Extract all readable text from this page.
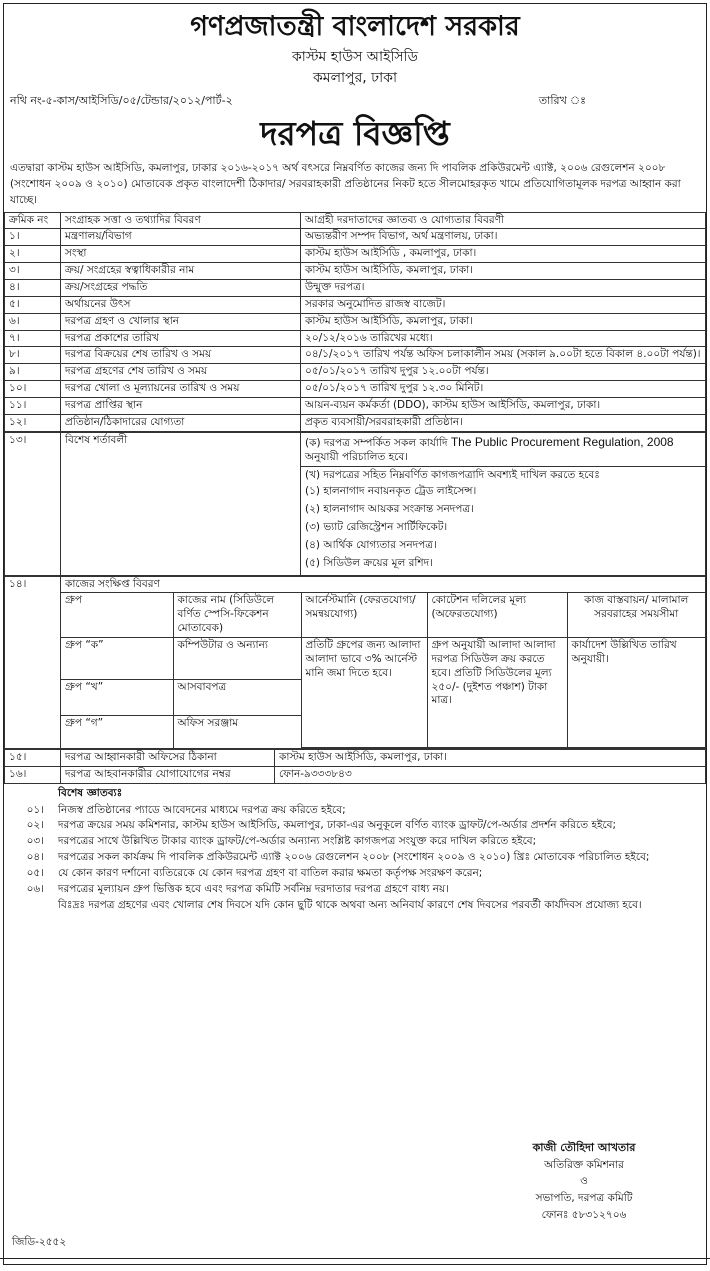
গণপ্রজাতন্ত্রী বাংলাদেশ সরকার
কাস্টম হাউস আইসিডি
কমলাপুর, ঢাকা
নথি নং-৫-কাস/আইসিডি/০৫/টেন্ডার/২০১২/পার্ট-২	তারিখ ঃ
দরপত্র বিজ্ঞপ্তি
এতদ্বারা কাস্টম হাউস আইসিডি, কমলাপুর, ঢাকার ২০১৬-২০১৭ অর্থ বৎসরে নিম্নবর্ণিত কাজের জন্য দি পাবলিক প্রকিউরমেন্ট এ্যাক্ট, ২০০৬ রেগুলেশন ২০০৮ (সংশোধন ২০০৯ ও ২০১০) মোতাবেক প্রকৃত বাংলাদেশী ঠিকাদার/ সরবরাহকারী প্রতিষ্ঠানের নিকট হতে সীলমোহরকৃত খামে প্রতিযোগিতামূলক দরপত্র আহ্বান করা যাচ্ছে।
ক্রমিক নং	সংগ্রাহক সত্তা ও তথ্যাদির বিবরণ	আগ্রহী দরদাতাদের জ্ঞাতব্য ও যোগ্যতার বিবরণী
১।	মন্ত্রণালয়/বিভাগ	অভ্যন্তরীণ সম্পদ বিভাগ, অর্থ মন্ত্রণালয়, ঢাকা।
২।	সংস্থা	কাস্টম হাউস আইসিডি , কমলাপুর, ঢাকা।
৩।	ক্রয়/ সংগ্রহের স্বত্বাধিকারীর নাম	কাস্টম হাউস আইসিডি, কমলাপুর, ঢাকা।
৪।	ক্রয়/সংগ্রহের পদ্ধতি	উন্মুক্ত দরপত্র।
৫।	অর্থায়নের উৎস	সরকার অনুমোদিত রাজস্ব বাজেট।
৬।	দরপত্র গ্রহণ ও খোলার স্থান	কাস্টম হাউস আইসিডি, কমলাপুর, ঢাকা।
৭।	দরপত্র প্রকাশের তারিখ	২০/১২/২০১৬ তারিখের মধ্যে।
৮।	দরপত্র বিক্রয়ের শেষ তারিখ ও সময়	০৪/১/২০১৭ তারিখ পর্যন্ত অফিস চলাকালীন সময় (সকাল ৯.০০টা হতে বিকাল ৪.০০টা পর্যন্ত)।
৯।	দরপত্র গ্রহণের শেষ তারিখ ও সময়	০৫/০১/২০১৭ তারিখ দুপুর ১২.০০টা পর্যন্ত।
১০।	দরপত্র খোলা ও মূল্যায়নের তারিখ ও সময়	০৫/০১/২০১৭ তারিখ দুপুর ১২.৩০ মিনিট।
১১।	দরপত্র প্রাপ্তির স্থান	আয়ন-ব্যয়ন কর্মকর্তা (DDO), কাস্টম হাউস আইসিডি, কমলাপুর, ঢাকা।
১২।	প্রতিষ্ঠান/ঠিকাদারের যোগ্যতা	প্রকৃত ব্যবসায়ী/সরবরাহকারী প্রতিষ্ঠান।
১৩।	বিশেষ শর্তাবলী	(ক) দরপত্র সম্পর্কিত সকল কার্যাদি The Public Procurement Regulation, 2008 অনুযায়ী পরিচালিত হবে।
(খ) দরপত্রের সহিত নিম্নবর্ণিত কাগজপত্রাদি অবশ্যই দাখিল করতে হবেঃ
(১) হালনাগাদ নবায়নকৃত ট্রেড লাইসেন্স।
(২) হালনাগাদ আয়কর সংক্রান্ত সনদপত্র।
(৩) ভ্যাট রেজিস্ট্রেশন সার্টিফিকেট।
(৪) আর্থিক যোগ্যতার সনদপত্র।
(৫) সিডিউল ক্রয়ের মূল রশিদ।
১৪।	কাজের সংক্ষিপ্ত বিবরণ

গ্রুপ	কাজের নাম (সিডিউলে বর্ণিত স্পেসি-ফিকেশন মোতাবেক)	আর্নেস্টমানি (ফেরতযোগ্য/ সমন্বয়যোগ্য)	কোটেশন দলিলের মূল্য (অফেরতযোগ্য)	কাজ বাস্তবায়ন/ মালামাল সরবরাহের সময়সীমা
গ্রুপ “ক”	কম্পিউটার ও অন্যান্য	প্রতিটি গ্রুপের জন্য আলাদা আলাদা ভাবে ৩% আর্নেস্ট মানি জমা দিতে হবে।	গ্রুপ অনুযায়ী আলাদা আলাদা দরপত্র সিডিউল ক্রয় করতে হবে। প্রতিটি সিডিউলের মূল্য ২৫০/- (দুইশত পঞ্চাশ) টাকা মাত্র।	কার্যাদেশ উল্লিখিত তারিখ অনুযায়ী।
গ্রুপ “খ”	আসবাবপত্র
গ্রুপ “গ”	অফিস সরঞ্জাম
১৫।	দরপত্র আহ্বানকারী অফিসের ঠিকানা	কাস্টম হাউস আইসিডি, কমলাপুর, ঢাকা।
১৬।	দরপত্র আহবানকারীর যোগাযোগের নম্বর	ফোন-৯৩৩৩৮৪৩
বিশেষ জ্ঞাতব্যঃ
০১।	নিজস্ব প্রতিষ্ঠানের প্যাডে আবেদনের মাধ্যমে দরপত্র ক্রয় করিতে হইবে;
০২।	দরপত্র ক্রয়ের সময় কমিশনার, কাস্টম হাউস আইসিডি, কমলাপুর, ঢাকা-এর অনুকূলে বর্ণিত ব্যাংক ড্রাফট/পে-অর্ডার প্রদর্শন করিতে হইবে;
০৩।	দরপত্রের সাথে উল্লিখিত টাকার ব্যাংক ড্রাফট/পে-অর্ডার অন্যান্য সংশ্লিষ্ট কাগজপত্র সংযুক্ত করে দাখিল করিতে হইবে;
০৪।	দরপত্রের সকল কার্যক্রম দি পাবলিক প্রকিউরমেন্ট এ্যাক্ট ২০০৬ রেগুলেশন ২০০৮ (সংশোধন ২০০৯ ও ২০১০) খ্রিঃ মোতাবেক পরিচালিত হইবে;
০৫।	যে কোন কারণ দর্শানো ব্যতিরেকে যে কোন দরপত্র গ্রহণ বা বাতিল করার ক্ষমতা কর্তৃপক্ষ সংরক্ষণ করেন;
০৬।	দরপত্রের মূল্যায়ন গ্রুপ ভিত্তিক হবে এবং দরপত্র কমিটি সর্বনিম্ন দরদাতার দরপত্র গ্রহণে বাধ্য নয়।
বিঃদ্রঃ দরপত্র গ্রহণের এবং খোলার শেষ দিবসে যদি কোন ছুটি থাকে অথবা অন্য অনিবার্য কারণে শেষ দিবসের পরবর্তী কার্যদিবস প্রযোজ্য হবে।
কাজী তৌহিদা আখতার
অতিরিক্ত কমিশনার
ও
সভাপতি, দরপত্র কমিটি
ফোনঃ ৫৮৩১২৭০৬
জিডি-২৫৫২
